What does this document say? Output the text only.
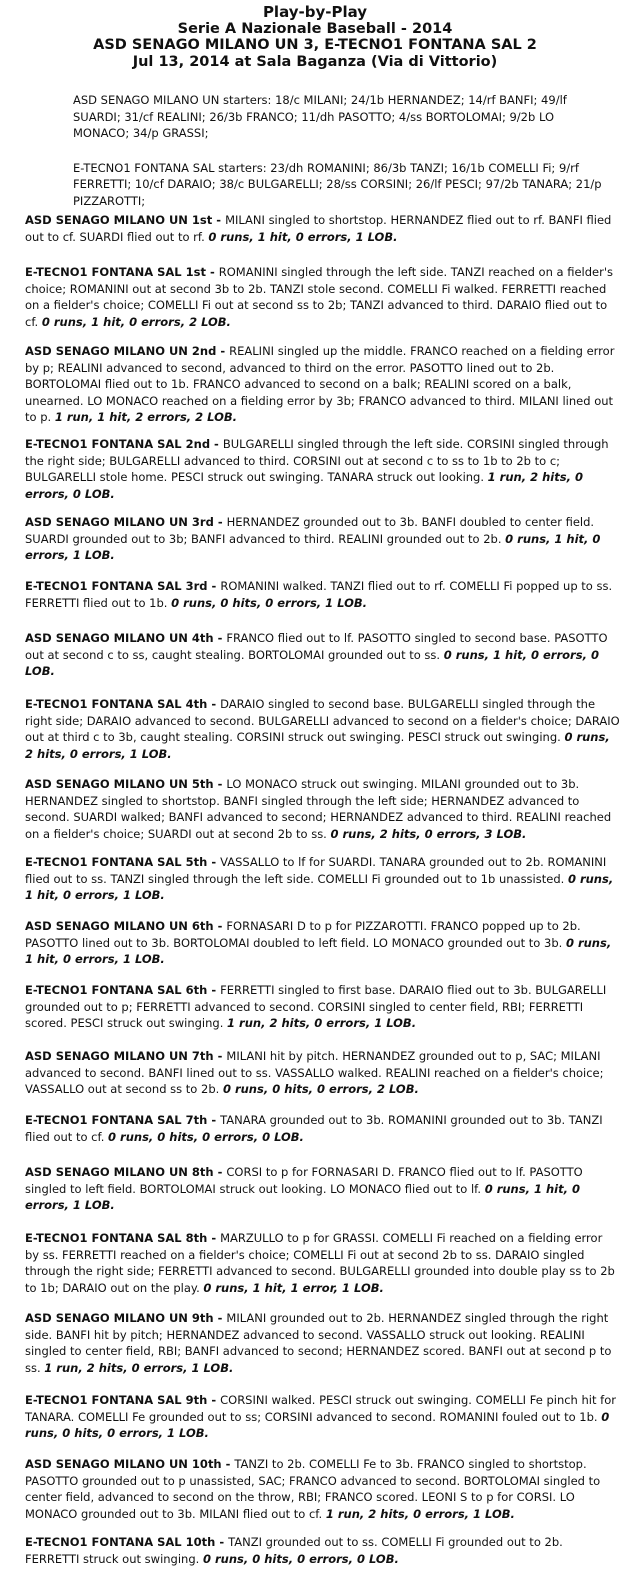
Play-by-Play
Serie A Nazionale Baseball - 2014
ASD SENAGO MILANO UN 3, E-TECNO1 FONTANA SAL 2
Jul 13, 2014 at Sala Baganza (Via di Vittorio)

ASD SENAGO MILANO UN starters: 18/c MILANI; 24/1b HERNANDEZ; 14/rf BANFI; 49/lf SUARDI; 31/cf REALINI; 26/3b FRANCO; 11/dh PASOTTO; 4/ss BORTOLOMAI; 9/2b LO MONACO; 34/p GRASSI;

E-TECNO1 FONTANA SAL starters: 23/dh ROMANINI; 86/3b TANZI; 16/1b COMELLI Fi; 9/rf FERRETTI; 10/cf DARAIO; 38/c BULGARELLI; 28/ss CORSINI; 26/lf PESCI; 97/2b TANARA; 21/p PIZZAROTTI;

ASD SENAGO MILANO UN 1st - MILANI singled to shortstop. HERNANDEZ flied out to rf. BANFI flied out to cf. SUARDI flied out to rf. 0 runs, 1 hit, 0 errors, 1 LOB.
E-TECNO1 FONTANA SAL 1st - ROMANINI singled through the left side. TANZI reached on a fielder's choice; ROMANINI out at second 3b to 2b. TANZI stole second. COMELLI Fi walked. FERRETTI reached on a fielder's choice; COMELLI Fi out at second ss to 2b; TANZI advanced to third. DARAIO flied out to cf. 0 runs, 1 hit, 0 errors, 2 LOB.
ASD SENAGO MILANO UN 2nd - REALINI singled up the middle. FRANCO reached on a fielding error by p; REALINI advanced to second, advanced to third on the error. PASOTTO lined out to 2b. BORTOLOMAI flied out to 1b. FRANCO advanced to second on a balk; REALINI scored on a balk, unearned. LO MONACO reached on a fielding error by 3b; FRANCO advanced to third. MILANI lined out to p. 1 run, 1 hit, 2 errors, 2 LOB.
E-TECNO1 FONTANA SAL 2nd - BULGARELLI singled through the left side. CORSINI singled through the right side; BULGARELLI advanced to third. CORSINI out at second c to ss to 1b to 2b to c; BULGARELLI stole home. PESCI struck out swinging. TANARA struck out looking. 1 run, 2 hits, 0 errors, 0 LOB.
ASD SENAGO MILANO UN 3rd - HERNANDEZ grounded out to 3b. BANFI doubled to center field. SUARDI grounded out to 3b; BANFI advanced to third. REALINI grounded out to 2b. 0 runs, 1 hit, 0 errors, 1 LOB.
E-TECNO1 FONTANA SAL 3rd - ROMANINI walked. TANZI flied out to rf. COMELLI Fi popped up to ss. FERRETTI flied out to 1b. 0 runs, 0 hits, 0 errors, 1 LOB.
ASD SENAGO MILANO UN 4th - FRANCO flied out to lf. PASOTTO singled to second base. PASOTTO out at second c to ss, caught stealing. BORTOLOMAI grounded out to ss. 0 runs, 1 hit, 0 errors, 0 LOB.
E-TECNO1 FONTANA SAL 4th - DARAIO singled to second base. BULGARELLI singled through the right side; DARAIO advanced to second. BULGARELLI advanced to second on a fielder's choice; DARAIO out at third c to 3b, caught stealing. CORSINI struck out swinging. PESCI struck out swinging. 0 runs, 2 hits, 0 errors, 1 LOB.
ASD SENAGO MILANO UN 5th - LO MONACO struck out swinging. MILANI grounded out to 3b. HERNANDEZ singled to shortstop. BANFI singled through the left side; HERNANDEZ advanced to second. SUARDI walked; BANFI advanced to second; HERNANDEZ advanced to third. REALINI reached on a fielder's choice; SUARDI out at second 2b to ss. 0 runs, 2 hits, 0 errors, 3 LOB.
E-TECNO1 FONTANA SAL 5th - VASSALLO to lf for SUARDI. TANARA grounded out to 2b. ROMANINI flied out to ss. TANZI singled through the left side. COMELLI Fi grounded out to 1b unassisted. 0 runs, 1 hit, 0 errors, 1 LOB.
ASD SENAGO MILANO UN 6th - FORNASARI D to p for PIZZAROTTI. FRANCO popped up to 2b. PASOTTO lined out to 3b. BORTOLOMAI doubled to left field. LO MONACO grounded out to 3b. 0 runs, 1 hit, 0 errors, 1 LOB.
E-TECNO1 FONTANA SAL 6th - FERRETTI singled to first base. DARAIO flied out to 3b. BULGARELLI grounded out to p; FERRETTI advanced to second. CORSINI singled to center field, RBI; FERRETTI scored. PESCI struck out swinging. 1 run, 2 hits, 0 errors, 1 LOB.
ASD SENAGO MILANO UN 7th - MILANI hit by pitch. HERNANDEZ grounded out to p, SAC; MILANI advanced to second. BANFI lined out to ss. VASSALLO walked. REALINI reached on a fielder's choice; VASSALLO out at second ss to 2b. 0 runs, 0 hits, 0 errors, 2 LOB.
E-TECNO1 FONTANA SAL 7th - TANARA grounded out to 3b. ROMANINI grounded out to 3b. TANZI flied out to cf. 0 runs, 0 hits, 0 errors, 0 LOB.
ASD SENAGO MILANO UN 8th - CORSI to p for FORNASARI D. FRANCO flied out to lf. PASOTTO singled to left field. BORTOLOMAI struck out looking. LO MONACO flied out to lf. 0 runs, 1 hit, 0 errors, 1 LOB.
E-TECNO1 FONTANA SAL 8th - MARZULLO to p for GRASSI. COMELLI Fi reached on a fielding error by ss. FERRETTI reached on a fielder's choice; COMELLI Fi out at second 2b to ss. DARAIO singled through the right side; FERRETTI advanced to second. BULGARELLI grounded into double play ss to 2b to 1b; DARAIO out on the play. 0 runs, 1 hit, 1 error, 1 LOB.
ASD SENAGO MILANO UN 9th - MILANI grounded out to 2b. HERNANDEZ singled through the right side. BANFI hit by pitch; HERNANDEZ advanced to second. VASSALLO struck out looking. REALINI singled to center field, RBI; BANFI advanced to second; HERNANDEZ scored. BANFI out at second p to ss. 1 run, 2 hits, 0 errors, 1 LOB.
E-TECNO1 FONTANA SAL 9th - CORSINI walked. PESCI struck out swinging. COMELLI Fe pinch hit for TANARA. COMELLI Fe grounded out to ss; CORSINI advanced to second. ROMANINI fouled out to 1b. 0 runs, 0 hits, 0 errors, 1 LOB.
ASD SENAGO MILANO UN 10th - TANZI to 2b. COMELLI Fe to 3b. FRANCO singled to shortstop. PASOTTO grounded out to p unassisted, SAC; FRANCO advanced to second. BORTOLOMAI singled to center field, advanced to second on the throw, RBI; FRANCO scored. LEONI S to p for CORSI. LO MONACO grounded out to 3b. MILANI flied out to cf. 1 run, 2 hits, 0 errors, 1 LOB.
E-TECNO1 FONTANA SAL 10th - TANZI grounded out to ss. COMELLI Fi grounded out to 2b. FERRETTI struck out swinging. 0 runs, 0 hits, 0 errors, 0 LOB.
